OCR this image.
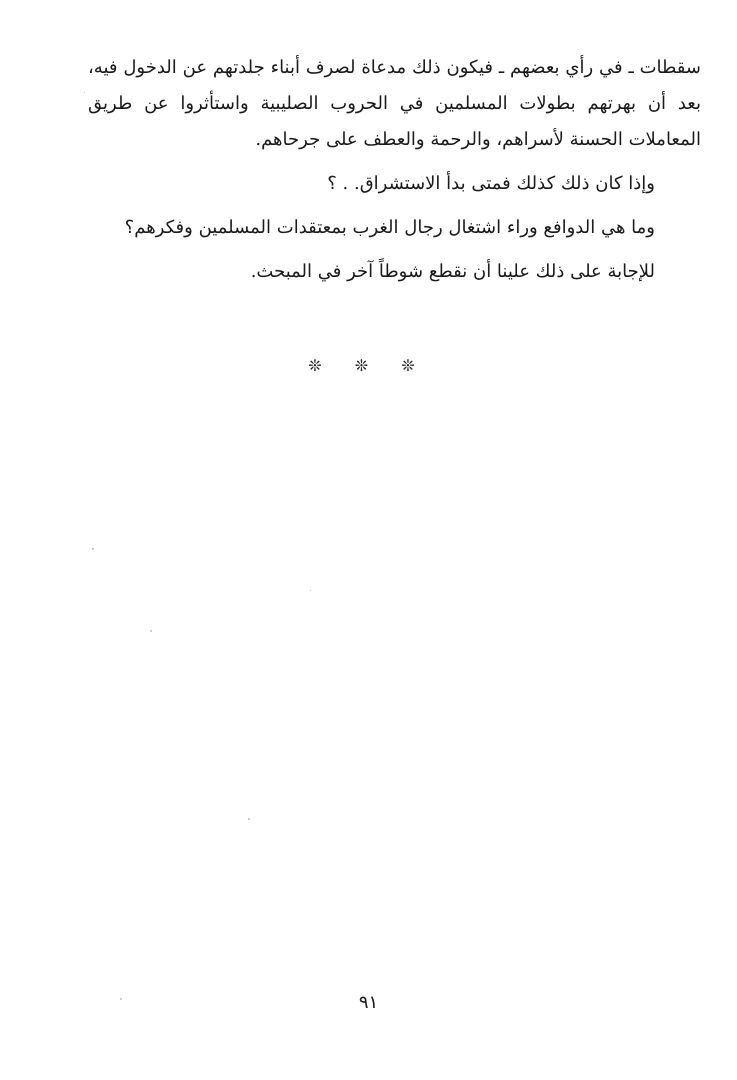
سقطات ـ في رأي بعضهم ـ فيكون ذلك مدعاة لصرف أبناء جلدتهم عن الدخول فيه، بعد أن بهرتهم بطولات المسلمين في الحروب الصليبية واستأثروا عن طريق المعاملات الحسنة لأسراهم، والرحمة والعطف على جرحاهم.

وإذا كان ذلك كذلك فمتى بدأ الاستشراق. . ؟

وما هي الدوافع وراء اشتغال رجال الغرب بمعتقدات المسلمين وفكرهم؟

للإجابة على ذلك علينا أن نقطع شوطاً آخر في المبحث.

❊ ❊ ❊
٩١
